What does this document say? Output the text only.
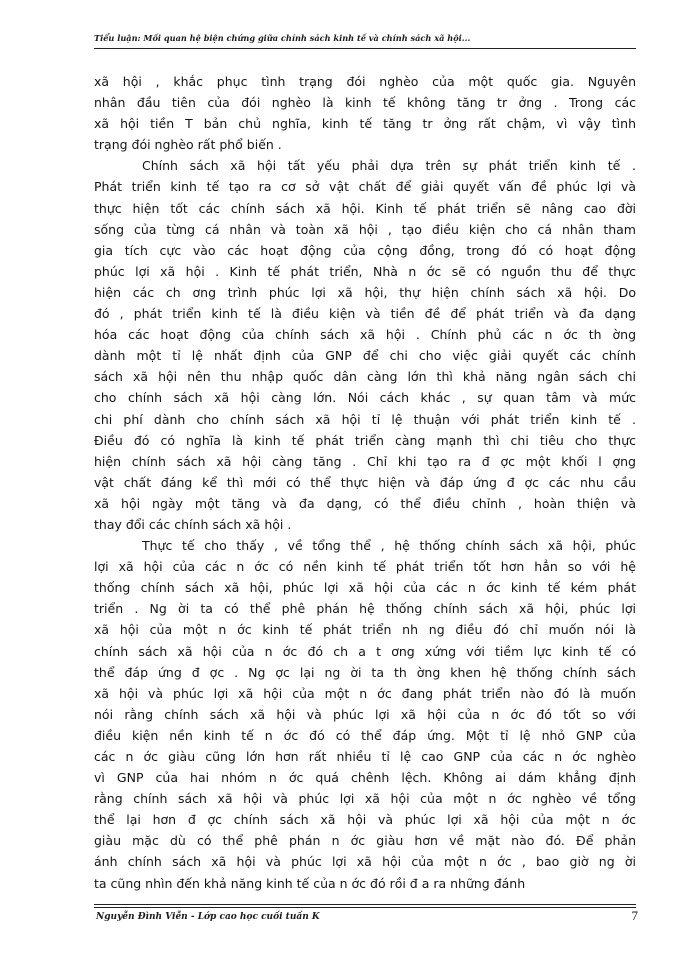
Tiểu luận: Mối quan hệ biện chứng giữa chính sách kinh tế và chính sách xã hội...
xã hội , khắc phục tình trạng đói nghèo của một quốc gia. Nguyên
nhân đầu tiên của đói nghèo là kinh tế không tăng tr ởng . Trong các
xã hội tiền T bản chủ nghĩa, kinh tế tăng tr ởng rất chậm, vì vậy tình
trạng đói nghèo rất phổ biến .
Chính sách xã hội tất yếu phải dựa trên sự phát triển kinh tế .
Phát triển kinh tế tạo ra cơ sở vật chất để giải quyết vấn đề phúc lợi và
thực hiện tốt các chính sách xã hội. Kinh tế phát triển sẽ nâng cao đời
sống của từng cá nhân và toàn xã hội , tạo điều kiện cho cá nhân tham
gia tích cực vào các hoạt động của cộng đồng, trong đó có hoạt động
phúc lợi xã hội . Kinh tế phát triển, Nhà n ớc sẽ có nguồn thu để thực
hiện các ch ơng trình phúc lợi xã hội, thự hiện chính sách xã hội. Do
đó , phát triển kinh tế là điều kiện và tiền đề để phát triển và đa dạng
hóa các hoạt động của chính sách xã hội . Chính phủ các n ớc th ờng
dành một tỉ lệ nhất định của GNP để chi cho việc giải quyết các chính
sách xã hội nên thu nhập quốc dân càng lớn thì khả năng ngân sách chi
cho chính sách xã hội càng lớn. Nói cách khác , sự quan tâm và mức
chi phí dành cho chính sách xã hội tỉ lệ thuận với phát triển kinh tế .
Điều đó có nghĩa là kinh tế phát triển càng mạnh thì chi tiêu cho thực
hiện chính sách xã hội càng tăng . Chỉ khi tạo ra đ ợc một khối l ợng
vật chất đáng kể thì mới có thể thực hiện và đáp ứng đ ợc các nhu cầu
xã hội ngày một tăng và đa dạng, có thể điều chỉnh , hoàn thiện và
thay đổi các chính sách xã hội .
Thực tế cho thấy , về tổng thể , hệ thống chính sách xã hội, phúc
lợi xã hội của các n ớc có nền kinh tế phát triển tốt hơn hẳn so với hệ
thống chính sách xã hội, phúc lợi xã hội của các n ớc kinh tế kém phát
triển . Ng ời ta có thể phê phán hệ thống chính sách xã hội, phúc lợi
xã hội của một n ớc kinh tế phát triển nh ng điều đó chỉ muốn nói là
chính sách xã hội của n ớc đó ch a t ơng xứng với tiềm lực kinh tế có
thể đáp ứng đ ợc . Ng ợc lại ng ời ta th ờng khen hệ thống chính sách
xã hội và phúc lợi xã hội của một n ớc đang phát triển nào đó là muốn
nói rằng chính sách xã hội và phúc lợi xã hội của n ớc đó tốt so với
điều kiện nền kinh tế n ớc đó có thể đáp ứng. Một tỉ lệ nhỏ GNP của
các n ớc giàu cũng lớn hơn rất nhiều tỉ lệ cao GNP của các n ớc nghèo
vì GNP của hai nhóm n ớc quá chênh lệch. Không ai dám khẳng định
rằng chính sách xã hội và phúc lợi xã hội của một n ớc nghèo về tổng
thể lại hơn đ ợc chính sách xã hội và phúc lợi xã hội của một n ớc
giàu mặc dù có thể phê phán n ớc giàu hơn về mặt nào đó. Để phản
ánh chính sách xã hội và phúc lợi xã hội của một n ớc , bao giờ ng ời
ta cũng nhìn đến khả năng kinh tế của n ớc đó rồi đ a ra những đánh
Nguyễn Đình Viễn - Lớp cao học cuối tuần K	7
